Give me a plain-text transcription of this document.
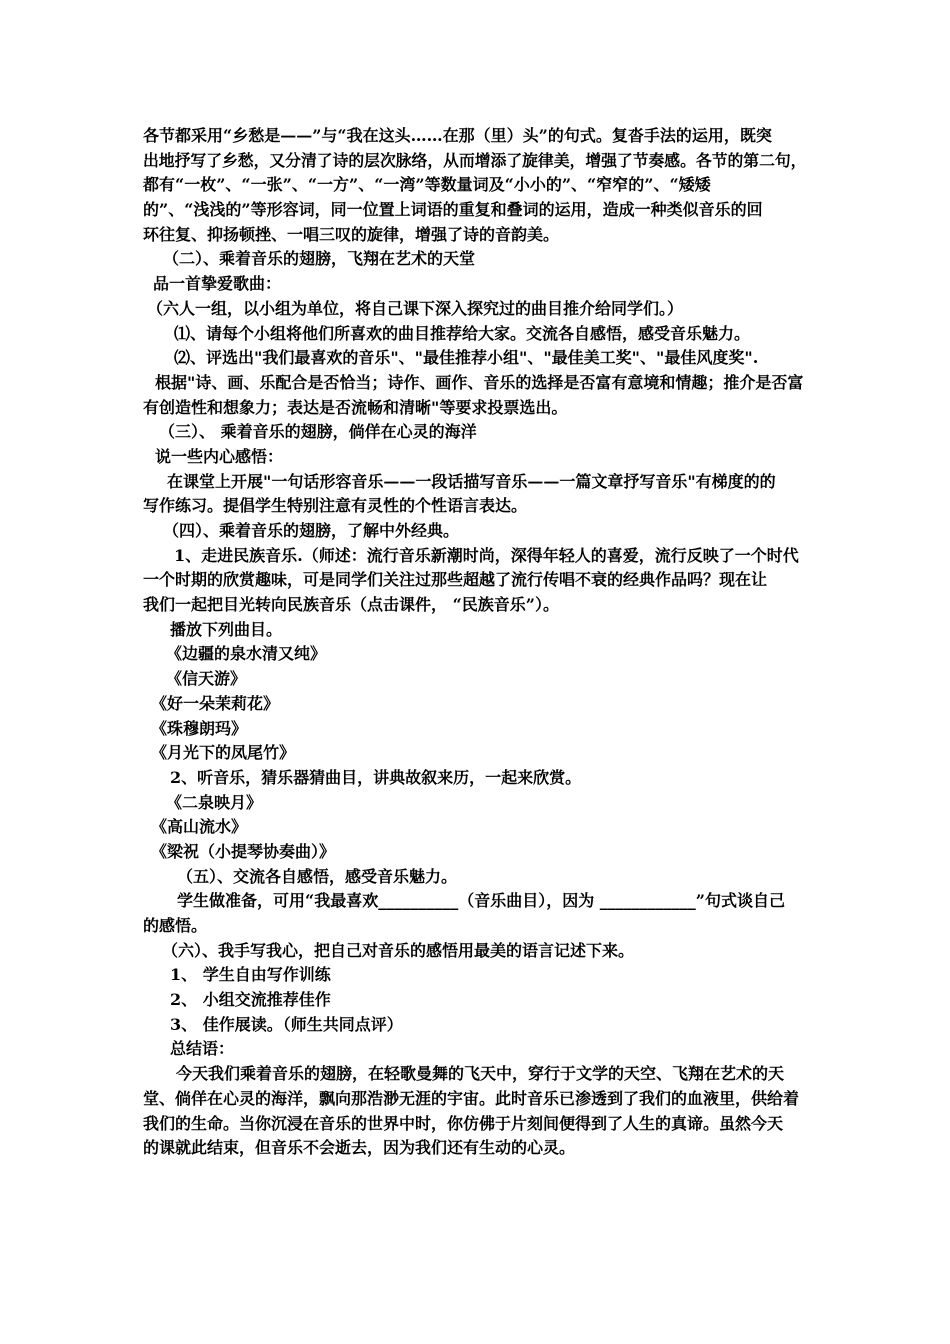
各节都采用“乡愁是——”与“我在这头……在那（里）头”的句式。复沓手法的运用，既突
出地抒写了乡愁，又分清了诗的层次脉络，从而增添了旋律美，增强了节奏感。各节的第二句，
都有“一枚”、“一张”、“一方”、“一湾”等数量词及“小小的”、“窄窄的”、“矮矮
的”、“浅浅的”等形容词，同一位置上词语的重复和叠词的运用，造成一种类似音乐的回
环往复、抑扬顿挫、一唱三叹的旋律，增强了诗的音韵美。
（二）、乘着音乐的翅膀，飞翔在艺术的天堂
品一首挚爱歌曲：
（六人一组，以小组为单位，将自己课下深入探究过的曲目推介给同学们。）
⑴、请每个小组将他们所喜欢的曲目推荐给大家。交流各自感悟，感受音乐魅力。
⑵、评选出"我们最喜欢的音乐"、"最佳推荐小组"、"最佳美工奖"、"最佳风度奖".
根据"诗、画、乐配合是否恰当；诗作、画作、音乐的选择是否富有意境和情趣；推介是否富
有创造性和想象力；表达是否流畅和清晰"等要求投票选出。
（三）、 乘着音乐的翅膀，倘佯在心灵的海洋
说一些内心感悟：
在课堂上开展"一句话形容音乐——一段话描写音乐——一篇文章抒写音乐"有梯度的的
写作练习。提倡学生特别注意有灵性的个性语言表达。
（四）、乘着音乐的翅膀，了解中外经典。
1、走进民族音乐.（师述：流行音乐新潮时尚，深得年轻人的喜爱，流行反映了一个时代
一个时期的欣赏趣味，可是同学们关注过那些超越了流行传唱不衰的经典作品吗？现在让
我们一起把目光转向民族音乐（点击课件， “民族音乐”）。
播放下列曲目。
《边疆的泉水清又纯》
《信天游》
《好一朵茉莉花》
《珠穆朗玛》
《月光下的凤尾竹》
2、听音乐，猜乐器猜曲目，讲典故叙来历，一起来欣赏。
《二泉映月》
《高山流水》
《梁祝（小提琴协奏曲）》
（五）、交流各自感悟，感受音乐魅力。
学生做准备，可用“我最喜欢__________（音乐曲目），因为 ____________”句式谈自己
的感悟。
（六）、我手写我心，把自己对音乐的感悟用最美的语言记述下来。
1、 学生自由写作训练
2、 小组交流推荐佳作
3、 佳作展读。（师生共同点评）
总结语：
今天我们乘着音乐的翅膀，在轻歌曼舞的飞天中，穿行于文学的天空、飞翔在艺术的天
堂、倘佯在心灵的海洋，飘向那浩渺无涯的宇宙。此时音乐已渗透到了我们的血液里，供给着
我们的生命。当你沉浸在音乐的世界中时，你仿佛于片刻间便得到了人生的真谛。虽然今天
的课就此结束，但音乐不会逝去，因为我们还有生动的心灵。
